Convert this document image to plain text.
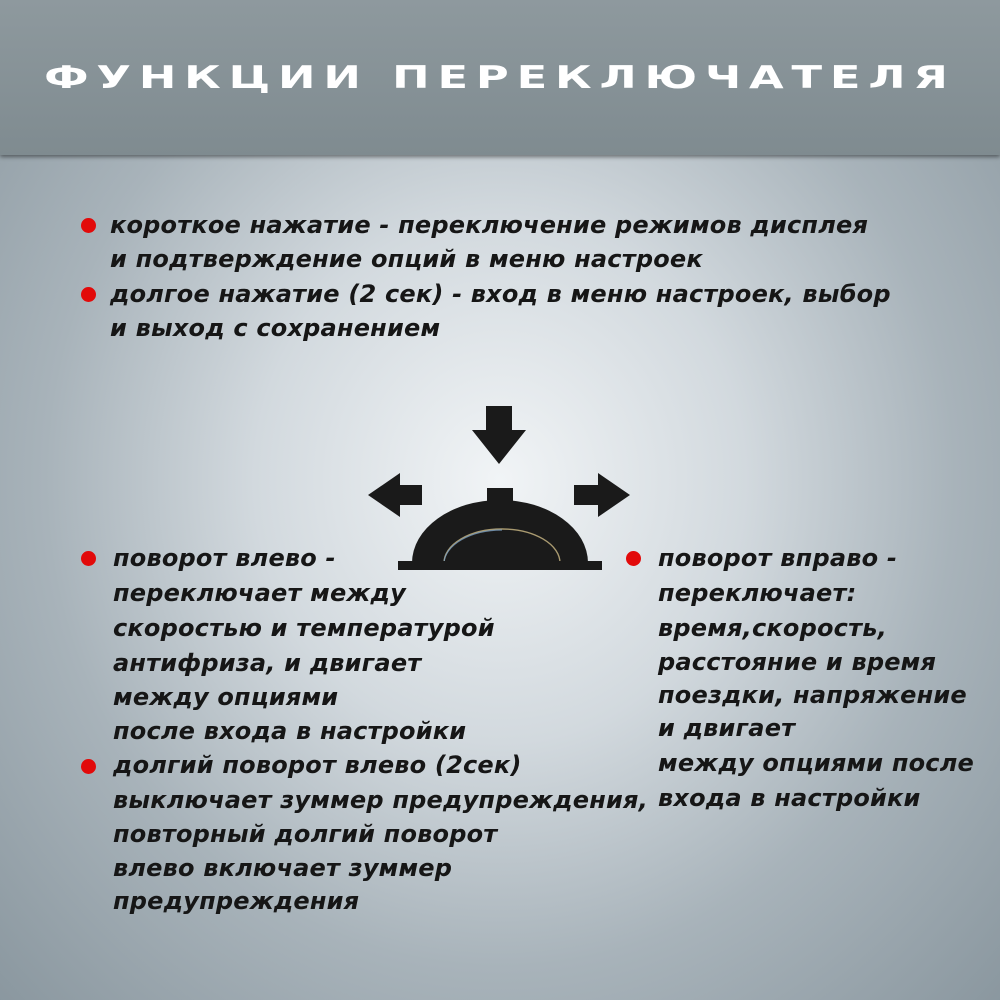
ФУНКЦИИ ПЕРЕКЛЮЧАТЕЛЯ

короткое нажатие - переключение режимов дисплея

и подтверждение опций в меню настроек

долгое нажатие (2 сек) - вход в меню настроек, выбор

и выход с сохранением

поворот влево -

переключает между

скоростью и температурой

антифриза, и двигает

между опциями

после входа в настройки

долгий поворот влево (2сек)

выключает зуммер предупреждения,

повторный долгий поворот

влево включает зуммер

предупреждения

поворот вправо -

переключает:

время,скорость,

расстояние и время

поездки, напряжение

и двигает

между опциями после

входа в настройки
